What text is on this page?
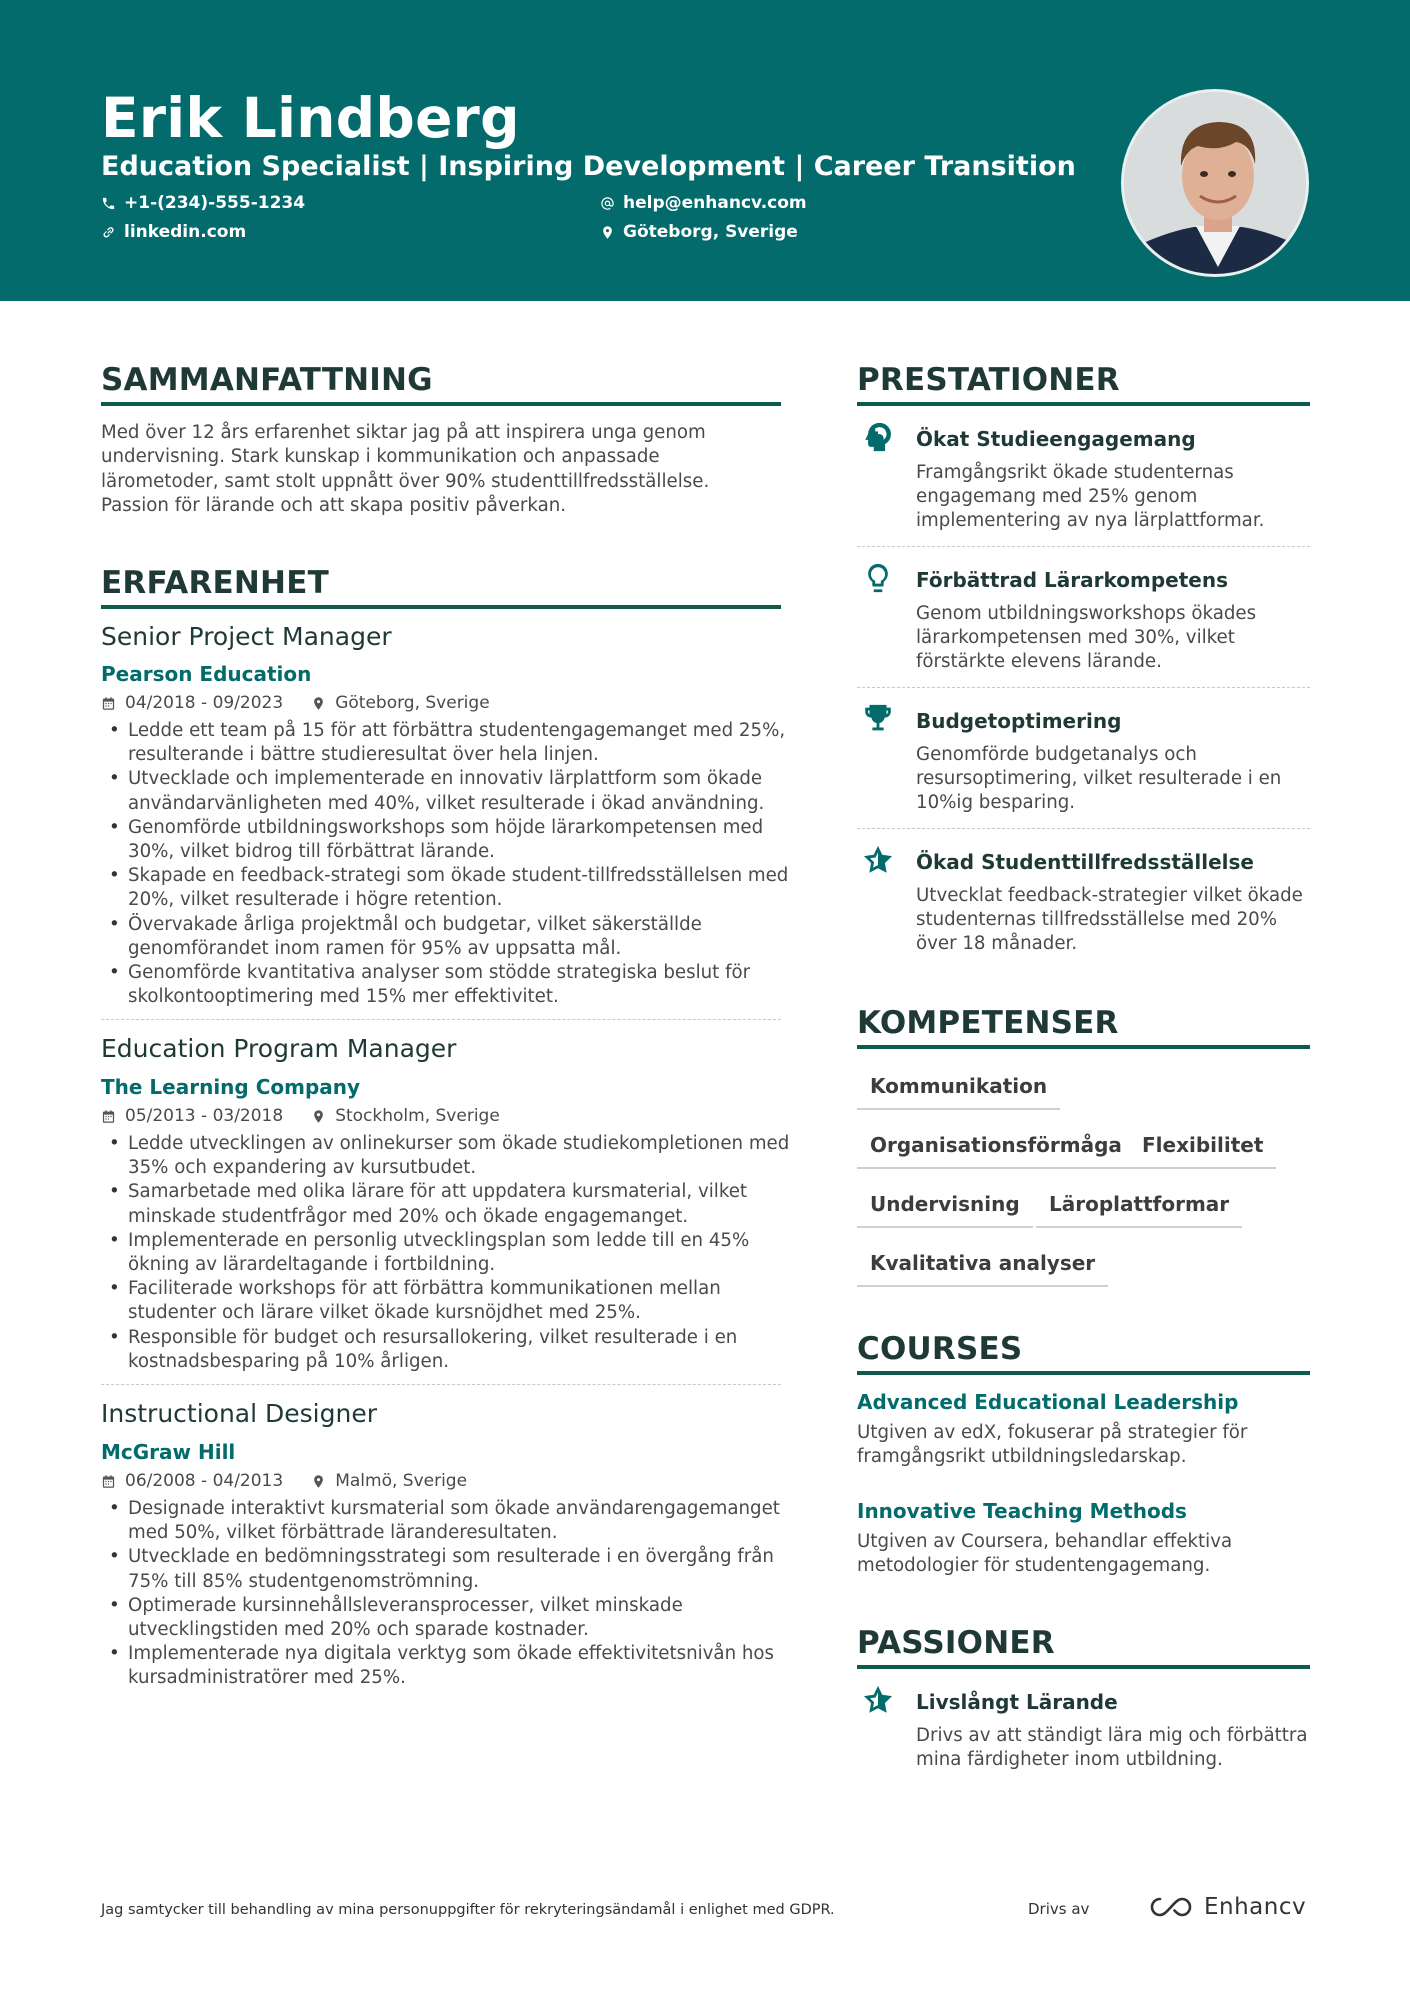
Erik Lindberg
Education Specialist | Inspiring Development | Career Transition
+1-(234)-555-1234
linkedin.com
help@enhancv.com
Göteborg, Sverige
SAMMANFATTNING
Med över 12 års erfarenhet siktar jag på att inspirera unga genom undervisning. Stark kunskap i kommunikation och anpassade lärometoder, samt stolt uppnått över 90% studenttillfredsställelse. Passion för lärande och att skapa positiv påverkan.
ERFARENHET
Senior Project Manager
Pearson Education
04/2018 - 09/2023	Göteborg, Sverige
• Ledde ett team på 15 för att förbättra studentengagemanget med 25%, resulterande i bättre studieresultat över hela linjen.
• Utvecklade och implementerade en innovativ lärplattform som ökade användarvänligheten med 40%, vilket resulterade i ökad användning.
• Genomförde utbildningsworkshops som höjde lärarkompetensen med 30%, vilket bidrog till förbättrat lärande.
• Skapade en feedback-strategi som ökade student-tillfredsställelsen med 20%, vilket resulterade i högre retention.
• Övervakade årliga projektmål och budgetar, vilket säkerställde genomförandet inom ramen för 95% av uppsatta mål.
• Genomförde kvantitativa analyser som stödde strategiska beslut för skolkontooptimering med 15% mer effektivitet.
Education Program Manager
The Learning Company
05/2013 - 03/2018	Stockholm, Sverige
• Ledde utvecklingen av onlinekurser som ökade studiekompletionen med 35% och expandering av kursutbudet.
• Samarbetade med olika lärare för att uppdatera kursmaterial, vilket minskade studentfrågor med 20% och ökade engagemanget.
• Implementerade en personlig utvecklingsplan som ledde till en 45% ökning av lärardeltagande i fortbildning.
• Faciliterade workshops för att förbättra kommunikationen mellan studenter och lärare vilket ökade kursnöjdhet med 25%.
• Responsible för budget och resursallokering, vilket resulterade i en kostnadsbesparing på 10% årligen.
Instructional Designer
McGraw Hill
06/2008 - 04/2013	Malmö, Sverige
• Designade interaktivt kursmaterial som ökade användarengagemanget med 50%, vilket förbättrade läranderesultaten.
• Utvecklade en bedömningsstrategi som resulterade i en övergång från 75% till 85% studentgenomströmning.
• Optimerade kursinnehållsleveransprocesser, vilket minskade utvecklingstiden med 20% och sparade kostnader.
• Implementerade nya digitala verktyg som ökade effektivitetsnivån hos kursadministratörer med 25%.
PRESTATIONER
Ökat Studieengagemang
Framgångsrikt ökade studenternas engagemang med 25% genom implementering av nya lärplattformar.
Förbättrad Lärarkompetens
Genom utbildningsworkshops ökades lärarkompetensen med 30%, vilket förstärkte elevens lärande.
Budgetoptimering
Genomförde budgetanalys och resursoptimering, vilket resulterade i en 10%ig besparing.
Ökad Studenttillfredsställelse
Utvecklat feedback-strategier vilket ökade studenternas tillfredsställelse med 20% över 18 månader.
KOMPETENSER
Kommunikation
Organisationsförmåga	Flexibilitet
Undervisning	Läroplattformar
Kvalitativa analyser
COURSES
Advanced Educational Leadership
Utgiven av edX, fokuserar på strategier för framgångsrikt utbildningsledarskap.
Innovative Teaching Methods
Utgiven av Coursera, behandlar effektiva metodologier för studentengagemang.
PASSIONER
Livslångt Lärande
Drivs av att ständigt lära mig och förbättra mina färdigheter inom utbildning.
Jag samtycker till behandling av mina personuppgifter för rekryteringsändamål i enlighet med GDPR.	Drivs av	Enhancv
